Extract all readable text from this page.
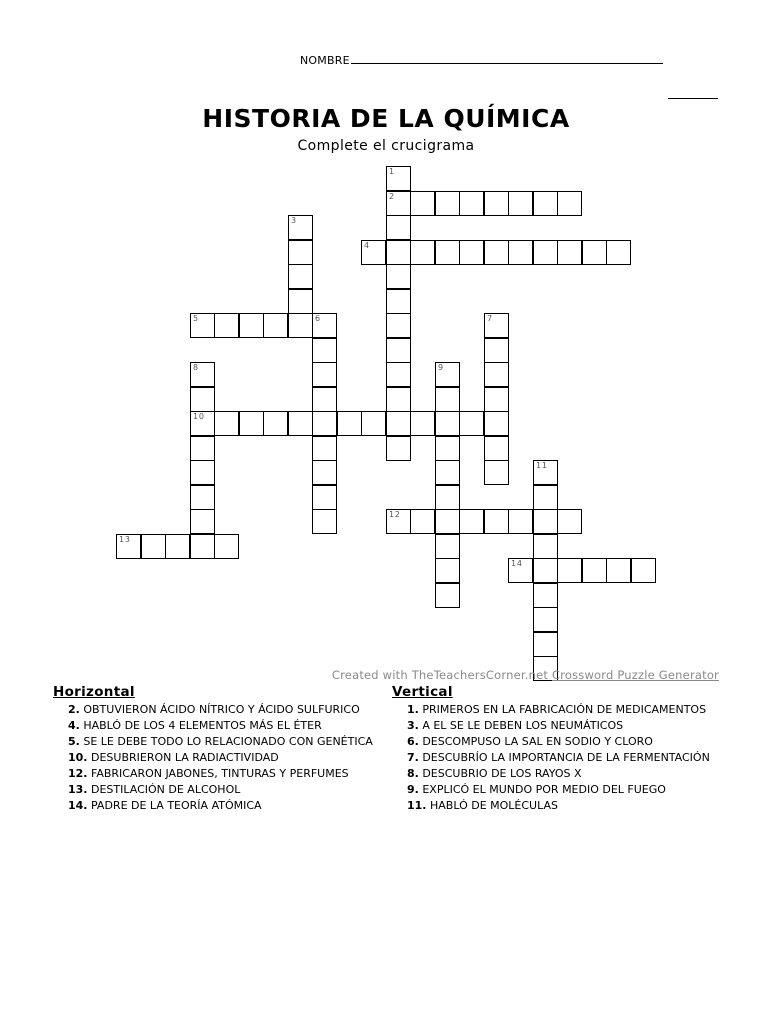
NOMBRE
HISTORIA DE LA QUÍMICA
Complete el crucigrama
1
2
3
4
5	6	7
8
10
9
11
12
13
14
Created with TheTeachersCorner.net Crossword Puzzle Generator
Horizontal
2. OBTUVIERON ÁCIDO NÍTRICO Y ÁCIDO SULFURICO
4. HABLÓ DE LOS 4 ELEMENTOS MÁS EL ÉTER
5. SE LE DEBE TODO LO RELACIONADO CON GENÉTICA
10. DESUBRIERON LA RADIACTIVIDAD
12. FABRICARON JABONES, TINTURAS Y PERFUMES
13. DESTILACIÓN DE ALCOHOL
14. PADRE DE LA TEORÍA ATÓMICA
Vertical
1. PRIMEROS EN LA FABRICACIÓN DE MEDICAMENTOS
3. A EL SE LE DEBEN LOS NEUMÁTICOS
6. DESCOMPUSO LA SAL EN SODIO Y CLORO
7. DESCUBRÍO LA IMPORTANCIA DE LA FERMENTACIÓN
8. DESCUBRIO DE LOS RAYOS X
9. EXPLICÓ EL MUNDO POR MEDIO DEL FUEGO
11. HABLÓ DE MOLÉCULAS
